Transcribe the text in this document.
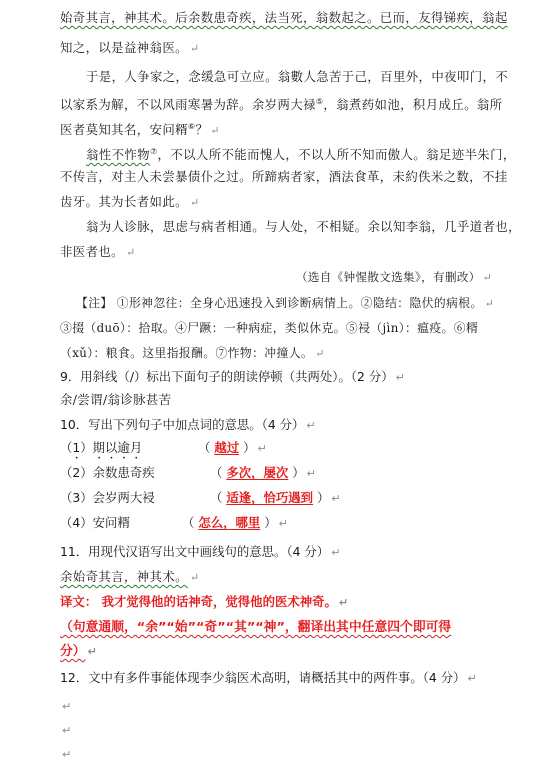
始奇其言，神其术。后余数患奇疾，法当死，翁数起之。已而，友得锑疾，翁起
知之，以是益神翁医。 ↵
于是，人争家之，念缓急可立应。翁數人急苦于己，百里外，中夜叩门，不
以家系为解，不以风雨寒暑为辞。余岁两大禄⑤，翁煮药如池，积月成丘。翁所
医者莫知其名，安问糈⑥？ ↵
翁性不怍物⑦，不以人所不能而愧人，不以人所不知而傲人。翁足迹半朱门，
不传言，对主人未尝暴债仆之过。所蹄病者家，酒法食革，未約佚米之数，不挂
齿牙。其为长者如此。 ↵
翁为人诊脉，思虑与病者相通。与人处，不相疑。余以知李翁，几乎道者也，
非医者也。 ↵
（选自《钟惺散文选集》，有删改） ↵
【注】 ①形神忽往：全身心迅速投入到诊断病情上。②隐结：隐伏的病根。 ↵
③掇（duō）：拾取。④尸蹶：一种病症，类似休克。⑤祲（jìn）：瘟疫。⑥糈
（xǔ）：粮食。这里指报酬。⑦怍物：冲撞人。 ↵
9．用斜线（/）标出下面句子的朗读停顿（共两处）。（2 分） ↵
余/尝谓/翁诊脉甚苦
10．写出下列句子中加点词的意思。（4 分） ↵
（1）期以逾月	（ 越过 ） ↵
（2）余数患奇疾	（ 多次，屡次 ） ↵
（3）会岁两大祲	（ 适逢，恰巧遇到 ） ↵
（4）安问糈	（ 怎么，哪里 ） ↵
11．用现代汉语写出文中画线句的意思。（4 分） ↵
余始奇其言，神其术。 ↵
译文： 我才觉得他的话神奇，觉得他的医术神奇。 ↵
（句意通顺，“余”“始”“奇”“其”“神”，翻译出其中任意四个即可得
分） ↵
12．文中有多件事能体现李少翁医术高明，请概括其中的两件事。（4 分） ↵
↵
↵
↵
